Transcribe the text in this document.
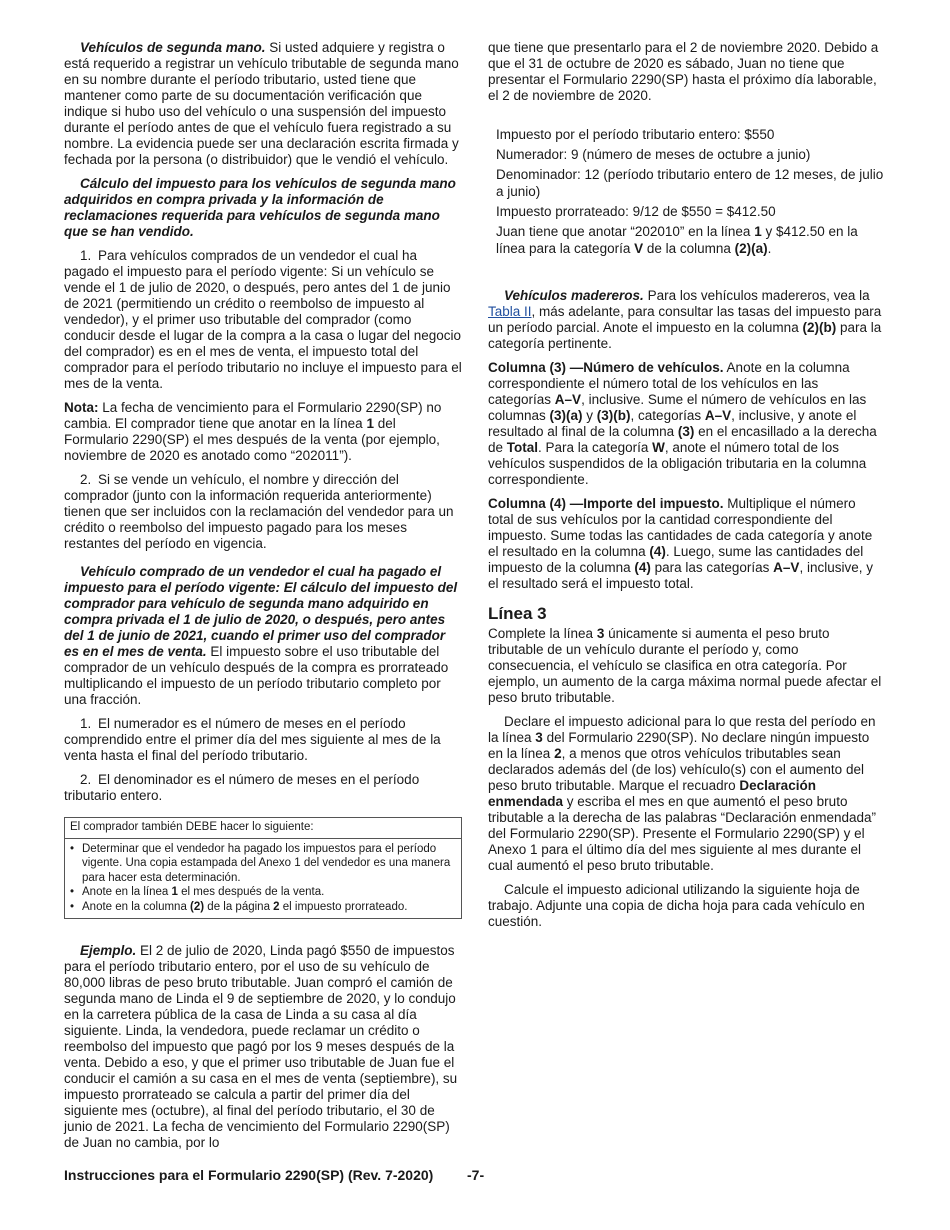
Vehículos de segunda mano. Si usted adquiere y registra o está requerido a registrar un vehículo tributable de segunda mano en su nombre durante el período tributario, usted tiene que mantener como parte de su documentación verificación que indique si hubo uso del vehículo o una suspensión del impuesto durante el período antes de que el vehículo fuera registrado a su nombre. La evidencia puede ser una declaración escrita firmada y fechada por la persona (o distribuidor) que le vendió el vehículo.

Cálculo del impuesto para los vehículos de segunda mano adquiridos en compra privada y la información de reclamaciones requerida para vehículos de segunda mano que se han vendido.

1. Para vehículos comprados de un vendedor el cual ha pagado el impuesto para el período vigente: Si un vehículo se vende el 1 de julio de 2020, o después, pero antes del 1 de junio de 2021 (permitiendo un crédito o reembolso de impuesto al vendedor), y el primer uso tributable del comprador (como conducir desde el lugar de la compra a la casa o lugar del negocio del comprador) es en el mes de venta, el impuesto total del comprador para el período tributario no incluye el impuesto para el mes de la venta.

Nota: La fecha de vencimiento para el Formulario 2290(SP) no cambia. El comprador tiene que anotar en la línea 1 del Formulario 2290(SP) el mes después de la venta (por ejemplo, noviembre de 2020 es anotado como “202011”).

2. Si se vende un vehículo, el nombre y dirección del comprador (junto con la información requerida anteriormente) tienen que ser incluidos con la reclamación del vendedor para un crédito o reembolso del impuesto pagado para los meses restantes del período en vigencia.

Vehículo comprado de un vendedor el cual ha pagado el impuesto para el período vigente: El cálculo del impuesto del comprador para vehículo de segunda mano adquirido en compra privada el 1 de julio de 2020, o después, pero antes del 1 de junio de 2021, cuando el primer uso del comprador es en el mes de venta. El impuesto sobre el uso tributable del comprador de un vehículo después de la compra es prorrateado multiplicando el impuesto de un período tributario completo por una fracción.

1. El numerador es el número de meses en el período comprendido entre el primer día del mes siguiente al mes de la venta hasta el final del período tributario.

2. El denominador es el número de meses en el período tributario entero.

El comprador también DEBE hacer lo siguiente:
• Determinar que el vendedor ha pagado los impuestos para el período vigente. Una copia estampada del Anexo 1 del vendedor es una manera para hacer esta determinación.
• Anote en la línea 1 el mes después de la venta.
• Anote en la columna (2) de la página 2 el impuesto prorrateado.

Ejemplo. El 2 de julio de 2020, Linda pagó $550 de impuestos para el período tributario entero, por el uso de su vehículo de 80,000 libras de peso bruto tributable. Juan compró el camión de segunda mano de Linda el 9 de septiembre de 2020, y lo condujo en la carretera pública de la casa de Linda a su casa al día siguiente. Linda, la vendedora, puede reclamar un crédito o reembolso del impuesto que pagó por los 9 meses después de la venta. Debido a eso, y que el primer uso tributable de Juan fue el conducir el camión a su casa en el mes de venta (septiembre), su impuesto prorrateado se calcula a partir del primer día del siguiente mes (octubre), al final del período tributario, el 30 de junio de 2021. La fecha de vencimiento del Formulario 2290(SP) de Juan no cambia, por lo

que tiene que presentarlo para el 2 de noviembre 2020. Debido a que el 31 de octubre de 2020 es sábado, Juan no tiene que presentar el Formulario 2290(SP) hasta el próximo día laborable, el 2 de noviembre de 2020.

Impuesto por el período tributario entero: $550
Numerador: 9 (número de meses de octubre a junio)
Denominador: 12 (período tributario entero de 12 meses, de julio a junio)
Impuesto prorrateado: 9/12 de $550 = $412.50
Juan tiene que anotar “202010” en la línea 1 y $412.50 en la línea para la categoría V de la columna (2)(a).

Vehículos madereros. Para los vehículos madereros, vea la Tabla II, más adelante, para consultar las tasas del impuesto para un período parcial. Anote el impuesto en la columna (2)(b) para la categoría pertinente.

Columna (3) —Número de vehículos. Anote en la columna correspondiente el número total de los vehículos en las categorías A–V, inclusive. Sume el número de vehículos en las columnas (3)(a) y (3)(b), categorías A–V, inclusive, y anote el resultado al final de la columna (3) en el encasillado a la derecha de Total. Para la categoría W, anote el número total de los vehículos suspendidos de la obligación tributaria en la columna correspondiente.

Columna (4) —Importe del impuesto. Multiplique el número total de sus vehículos por la cantidad correspondiente del impuesto. Sume todas las cantidades de cada categoría y anote el resultado en la columna (4). Luego, sume las cantidades del impuesto de la columna (4) para las categorías A–V, inclusive, y el resultado será el impuesto total.

Línea 3

Complete la línea 3 únicamente si aumenta el peso bruto tributable de un vehículo durante el período y, como consecuencia, el vehículo se clasifica en otra categoría. Por ejemplo, un aumento de la carga máxima normal puede afectar el peso bruto tributable.

Declare el impuesto adicional para lo que resta del período en la línea 3 del Formulario 2290(SP). No declare ningún impuesto en la línea 2, a menos que otros vehículos tributables sean declarados además del (de los) vehículo(s) con el aumento del peso bruto tributable. Marque el recuadro Declaración enmendada y escriba el mes en que aumentó el peso bruto tributable a la derecha de las palabras “Declaración enmendada” del Formulario 2290(SP). Presente el Formulario 2290(SP) y el Anexo 1 para el último día del mes siguiente al mes durante el cual aumentó el peso bruto tributable.

Calcule el impuesto adicional utilizando la siguiente hoja de trabajo. Adjunte una copia de dicha hoja para cada vehículo en cuestión.

Instrucciones para el Formulario 2290(SP) (Rev. 7-2020) -7-
